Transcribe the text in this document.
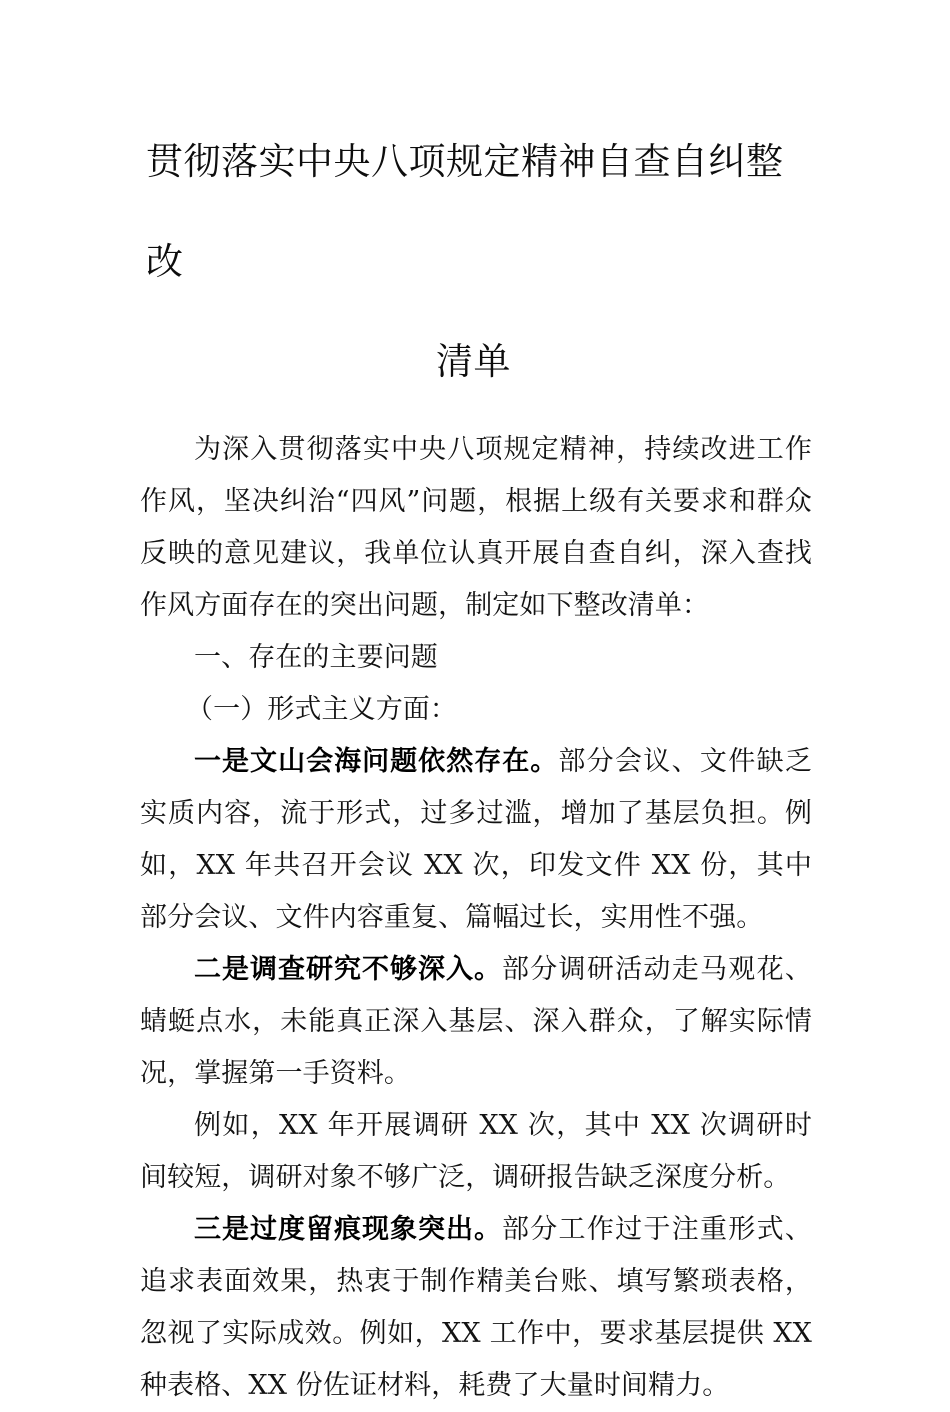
贯彻落实中央八项规定精神自查自纠整改
清单

为深入贯彻落实中央八项规定精神，持续改进工作作风，坚决纠治“四风”问题，根据上级有关要求和群众反映的意见建议，我单位认真开展自查自纠，深入查找作风方面存在的突出问题，制定如下整改清单：

一、存在的主要问题

（一）形式主义方面：

一是文山会海问题依然存在。部分会议、文件缺乏实质内容，流于形式，过多过滥，增加了基层负担。例如，XX 年共召开会议 XX 次，印发文件 XX 份，其中部分会议、文件内容重复、篇幅过长，实用性不强。

二是调查研究不够深入。部分调研活动走马观花、蜻蜓点水，未能真正深入基层、深入群众，了解实际情况，掌握第一手资料。

例如，XX 年开展调研 XX 次，其中 XX 次调研时间较短，调研对象不够广泛，调研报告缺乏深度分析。

三是过度留痕现象突出。部分工作过于注重形式、追求表面效果，热衷于制作精美台账、填写繁琐表格，忽视了实际成效。例如，XX 工作中，要求基层提供 XX 种表格、XX 份佐证材料，耗费了大量时间精力。
